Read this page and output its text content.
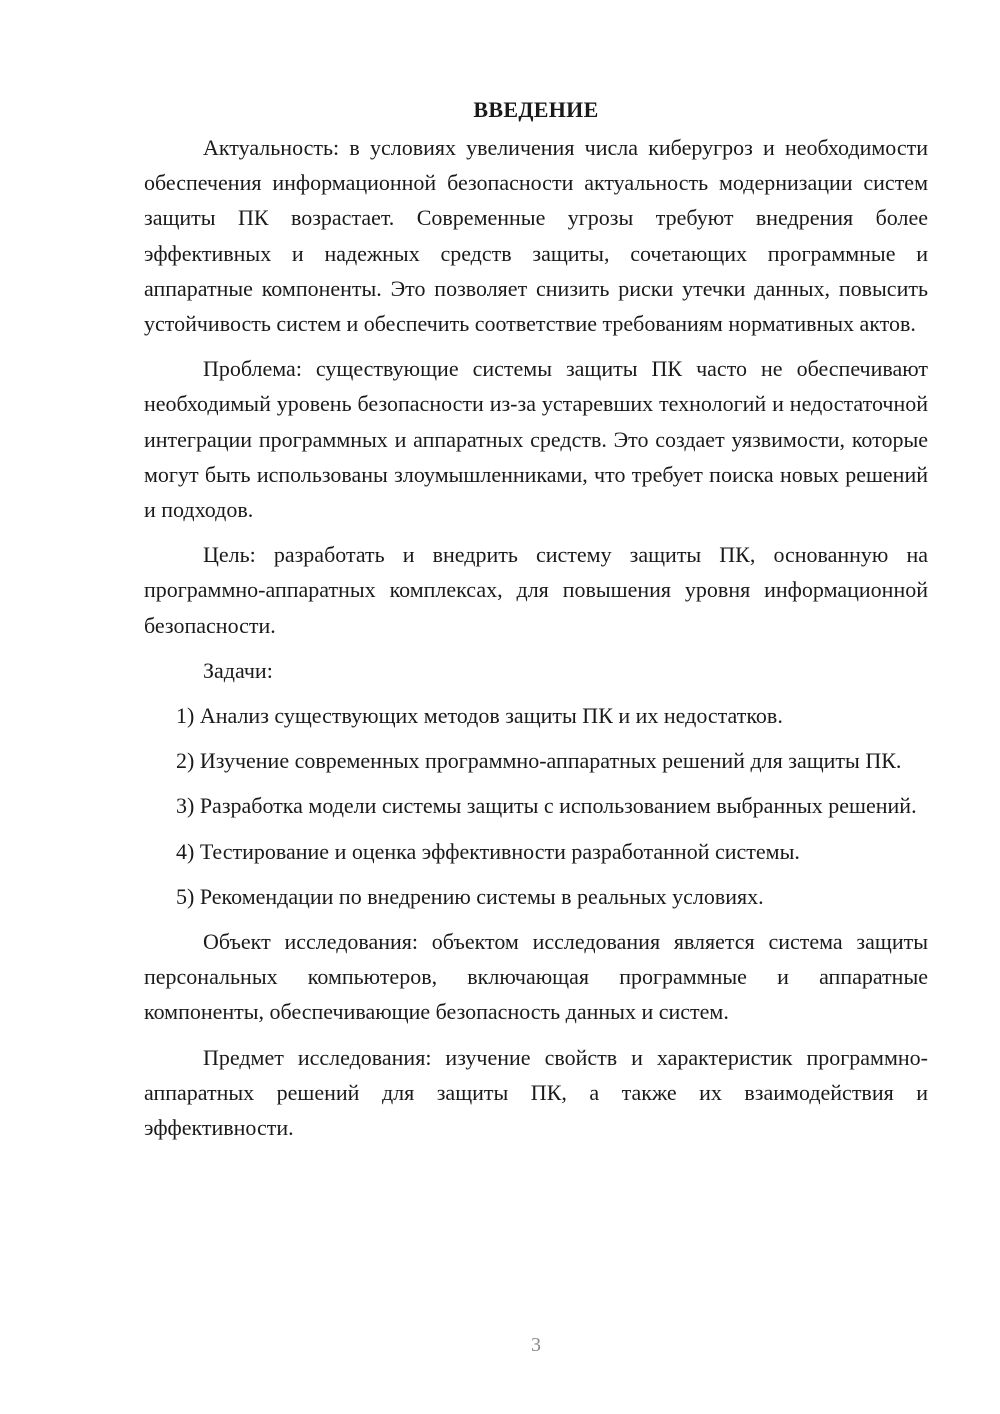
ВВЕДЕНИЕ

Актуальность: в условиях увеличения числа киберугроз и необходимости обеспечения информационной безопасности актуальность модернизации систем защиты ПК возрастает. Современные угрозы требуют внедрения более эффективных и надежных средств защиты, сочетающих программные и аппаратные компоненты. Это позволяет снизить риски утечки данных, повысить устойчивость систем и обеспечить соответствие требованиям нормативных актов.

Проблема: существующие системы защиты ПК часто не обеспечивают необходимый уровень безопасности из-за устаревших технологий и недостаточной интеграции программных и аппаратных средств. Это создает уязвимости, которые могут быть использованы злоумышленниками, что требует поиска новых решений и подходов.

Цель: разработать и внедрить систему защиты ПК, основанную на программно-аппаратных комплексах, для повышения уровня информационной безопасности.

Задачи:

1) Анализ существующих методов защиты ПК и их недостатков.

2) Изучение современных программно-аппаратных решений для защиты ПК.

3) Разработка модели системы защиты с использованием выбранных решений.

4) Тестирование и оценка эффективности разработанной системы.

5) Рекомендации по внедрению системы в реальных условиях.

Объект исследования: объектом исследования является система защиты персональных компьютеров, включающая программные и аппаратные компоненты, обеспечивающие безопасность данных и систем.

Предмет исследования: изучение свойств и характеристик программно-аппаратных решений для защиты ПК, а также их взаимодействия и эффективности.

3
